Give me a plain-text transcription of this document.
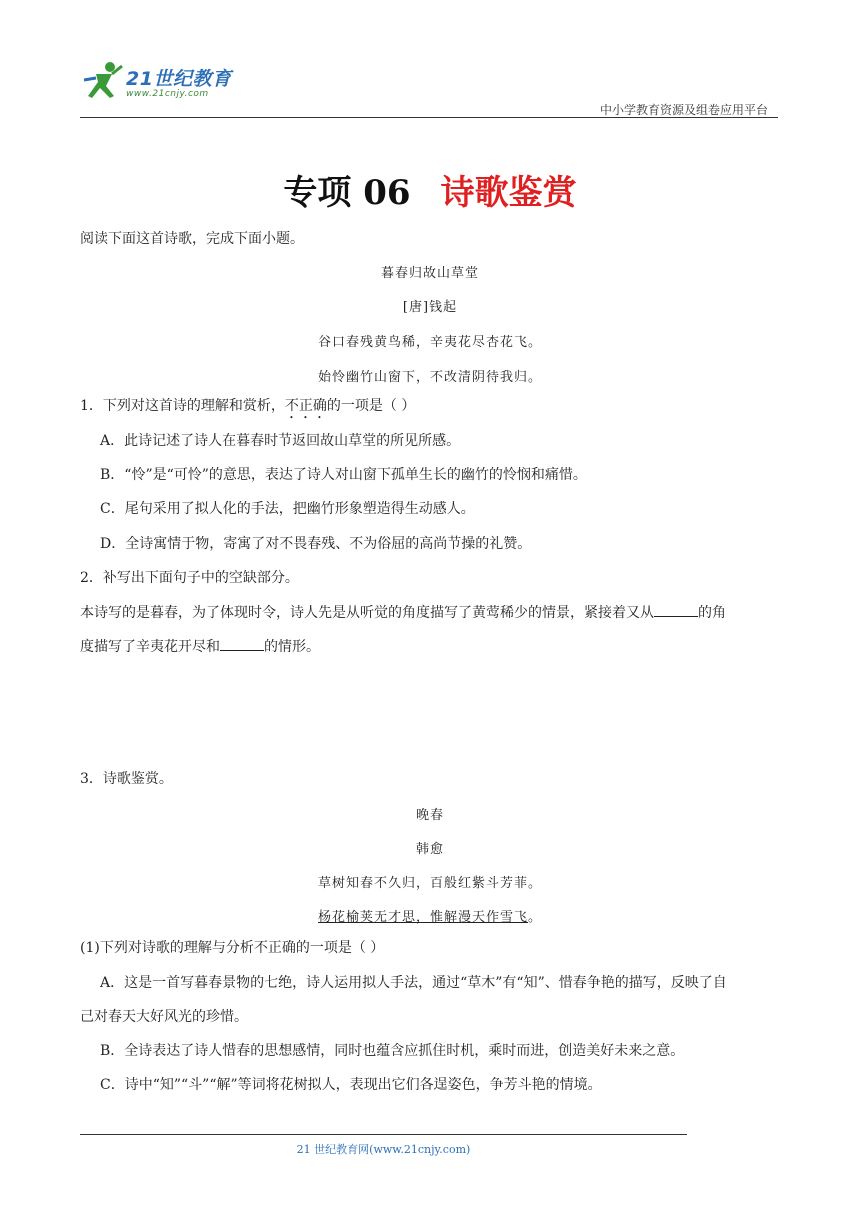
21世纪教育
www.21cnjy.com
中小学教育资源及组卷应用平台
专项 06 诗歌鉴赏
阅读下面这首诗歌，完成下面小题。
暮春归故山草堂
[唐]钱起
谷口春残黄鸟稀，辛夷花尽杏花飞。
始怜幽竹山窗下，不改清阴待我归。
1．下列对这首诗的理解和赏析，不正确的一项是（ ）
A．此诗记述了诗人在暮春时节返回故山草堂的所见所感。
B．“怜”是“可怜”的意思，表达了诗人对山窗下孤单生长的幽竹的怜悯和痛惜。
C．尾句采用了拟人化的手法，把幽竹形象塑造得生动感人。
D．全诗寓情于物，寄寓了对不畏春残、不为俗屈的高尚节操的礼赞。
2．补写出下面句子中的空缺部分。
本诗写的是暮春，为了体现时令，诗人先是从听觉的角度描写了黄莺稀少的情景，紧接着又从	的角
度描写了辛夷花开尽和	的情形。
3．诗歌鉴赏。
晚春
韩愈
草树知春不久归，百般红紫斗芳菲。
杨花榆荚无才思，惟解漫天作雪飞。
(1)下列对诗歌的理解与分析不正确的一项是（ ）
A．这是一首写暮春景物的七绝，诗人运用拟人手法，通过“草木”有“知”、惜春争艳的描写，反映了自
己对春天大好风光的珍惜。
B．全诗表达了诗人惜春的思想感情，同时也蕴含应抓住时机，乘时而进，创造美好未来之意。
C．诗中“知”“斗”“解”等词将花树拟人，表现出它们各逞姿色，争芳斗艳的情境。
21 世纪教育网(www.21cnjy.com)
